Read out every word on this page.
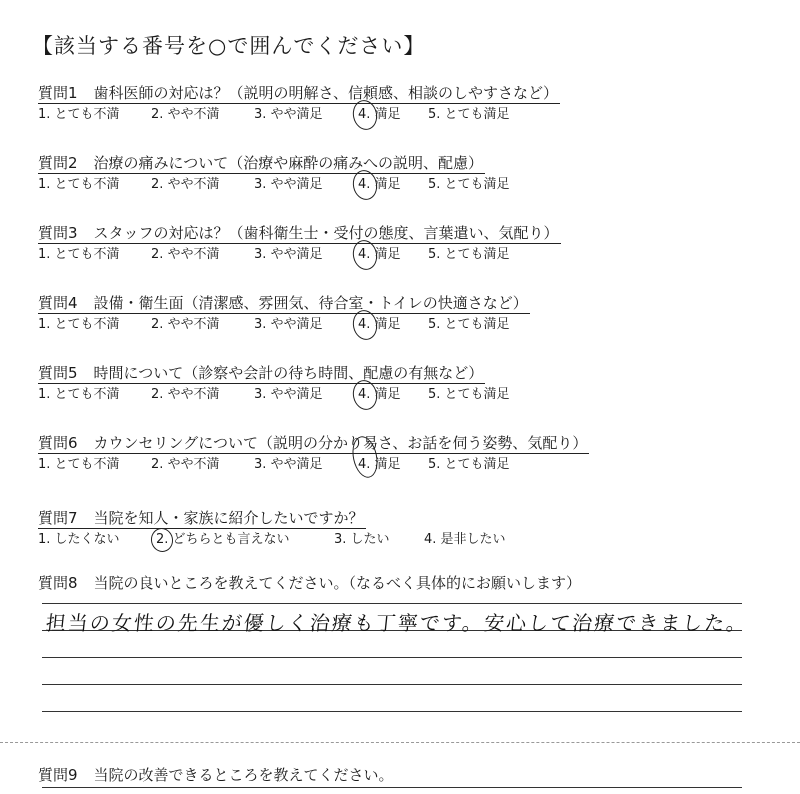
【該当する番号を○で囲んでください】
質問1 歯科医師の対応は？（説明の明解さ、信頼感、相談のしやすさなど）
1. とても不満 2. やや不満	3. やや満足	4. 満足 5. とても満足
質問2 治療の痛みについて（治療や麻酔の痛みへの説明、配慮）
1. とても不満 2. やや不満	3. やや満足	4. 満足 5. とても満足
質問3 スタッフの対応は？（歯科衛生士・受付の態度、言葉遣い、気配り）
1. とても不満 2. やや不満	3. やや満足	4. 満足 5. とても満足
質問4 設備・衛生面（清潔感、雰囲気、待合室・トイレの快適さなど）
1. とても不満 2. やや不満	3. やや満足	4. 満足 5. とても満足
質問5 時間について（診察や会計の待ち時間、配慮の有無など）
1. とても不満 2. やや不満	3. やや満足	4. 満足 5. とても満足
質問6 カウンセリングについて（説明の分かり易さ、お話を伺う姿勢、気配り）
1. とても不満 2. やや不満	3. やや満足	4. 満足 5. とても満足
質問7 当院を知人・家族に紹介したいですか？
1. したくない	2. どちらとも言えない	3. したい	4. 是非したい
質問8 当院の良いところを教えてください。（なるべく具体的にお願いします）
担当の女性の先生が優しく治療も丁寧です。安心して治療できました。
質問9 当院の改善できるところを教えてください。
